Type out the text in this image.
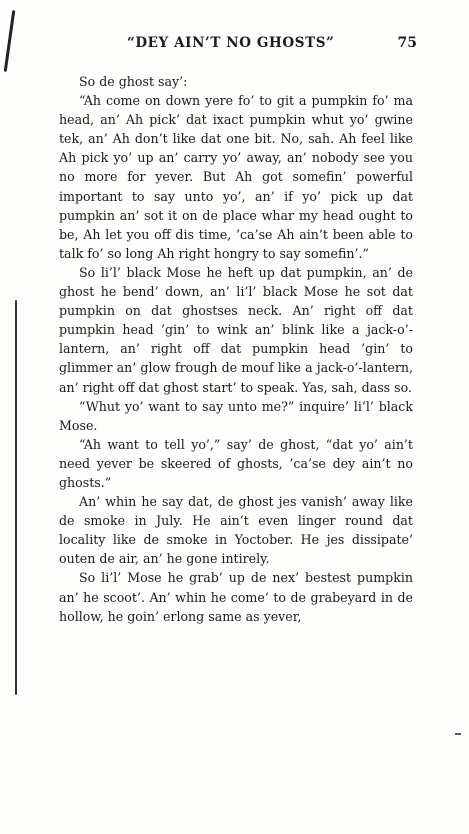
“DEY AIN’T NO GHOSTS”	75

So de ghost say’:

“Ah come on down yere fo’ to git a pumpkin fo’ ma head, an’ Ah pick’ dat ixact pumpkin whut yo’ gwine tek, an’ Ah don’t like dat one bit. No, sah. Ah feel like Ah pick yo’ up an’ carry yo’ away, an’ nobody see you no more for yever. But Ah got somefin’ powerful important to say unto yo’, an’ if yo’ pick up dat pumpkin an’ sot it on de place whar my head ought to be, Ah let you off dis time, ’ca’se Ah ain’t been able to talk fo’ so long Ah right hongry to say somefin’.”

So li’l’ black Mose he heft up dat pumpkin, an’ de ghost he bend’ down, an’ li’l’ black Mose he sot dat pumpkin on dat ghostses neck. An’ right off dat pumpkin head ’gin’ to wink an’ blink like a jack-o’-lantern, an’ right off dat pumpkin head ’gin’ to glimmer an’ glow frough de mouf like a jack-o’-lantern, an’ right off dat ghost start’ to speak. Yas, sah, dass so.

“Whut yo’ want to say unto me?” inquire’ li’l’ black Mose.

“Ah want to tell yo’,” say’ de ghost, “dat yo’ ain’t need yever be skeered of ghosts, ’ca’se dey ain’t no ghosts.”

An’ whin he say dat, de ghost jes vanish’ away like de smoke in July. He ain’t even linger round dat locality like de smoke in Yoctober. He jes dissipate’ outen de air, an’ he gone intirely.

So li’l’ Mose he grab’ up de nex’ bestest pumpkin an’ he scoot’. An’ whin he come’ to de grabeyard in de hollow, he goin’ erlong same as yever,
